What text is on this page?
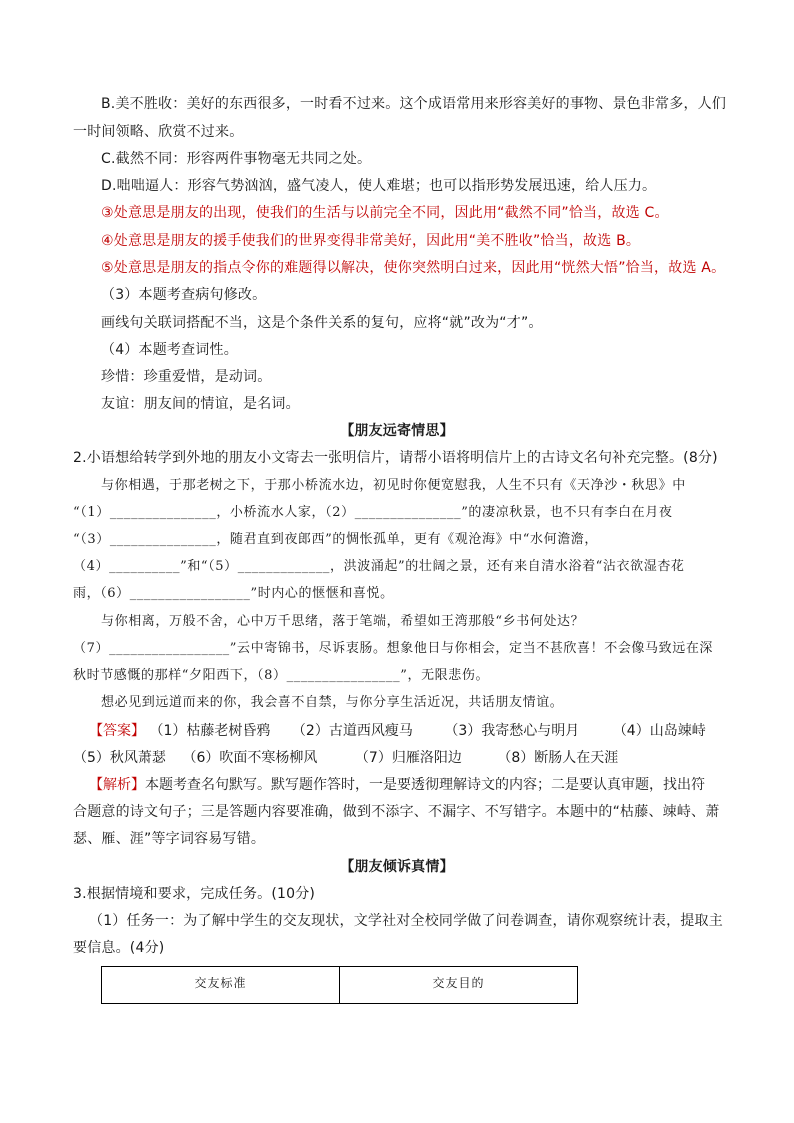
B.美不胜收：美好的东西很多，一时看不过来。这个成语常用来形容美好的事物、景色非常多，人们
一时间领略、欣赏不过来。
C.截然不同：形容两件事物毫无共同之处。
D.咄咄逼人：形容气势汹汹，盛气凌人，使人难堪；也可以指形势发展迅速，给人压力。
③处意思是朋友的出现，使我们的生活与以前完全不同，因此用“截然不同”恰当，故选 C。
④处意思是朋友的援手使我们的世界变得非常美好，因此用“美不胜收”恰当，故选 B。
⑤处意思是朋友的指点令你的难题得以解决，使你突然明白过来，因此用“恍然大悟”恰当，故选 A。
（3）本题考查病句修改。
画线句关联词搭配不当，这是个条件关系的复句，应将“就”改为“才”。
（4）本题考查词性。
珍惜：珍重爱惜，是动词。
友谊：朋友间的情谊，是名词。
【朋友远寄情思】
2.小语想给转学到外地的朋友小文寄去一张明信片，请帮小语将明信片上的古诗文名句补充完整。(8分)
与你相遇，于那老树之下，于那小桥流水边，初见时你便宽慰我，人生不只有《天净沙・秋思》中
“（1）_______________，小桥流水人家，（2）_______________”的凄凉秋景，也不只有李白在月夜
“（3）_______________，随君直到夜郎西”的惆怅孤单，更有《观沧海》中“水何澹澹，
（4）__________”和“（5）_____________，洪波涌起”的壮阔之景，还有来自清水浴着“沾衣欲湿杏花
雨，（6）_________________”时内心的惬惬和喜悦。
与你相离，万般不舍，心中万千思绪，落于笔端，希望如王湾那般“乡书何处达？
（7）_________________”云中寄锦书，尽诉衷肠。想象他日与你相会，定当不甚欣喜！不会像马致远在深
秋时节感慨的那样“夕阳西下，（8）________________”，无限悲伤。
想必见到远道而来的你，我会喜不自禁，与你分享生活近况，共话朋友情谊。
【答案】 （1）枯藤老树昏鸦 （2）古道西风瘦马 （3）我寄愁心与明月 （4）山岛竦峙
（5）秋风萧瑟 （6）吹面不寒杨柳风	（7）归雁洛阳边	（8）断肠人在天涯
【解析】本题考查名句默写。默写题作答时，一是要透彻理解诗文的内容；二是要认真审题，找出符
合题意的诗文句子；三是答题内容要准确，做到不添字、不漏字、不写错字。本题中的“枯藤、竦峙、萧
瑟、雁、涯”等字词容易写错。
【朋友倾诉真情】
3.根据情境和要求，完成任务。(10分)
（1）任务一：为了解中学生的交友现状，文学社对全校同学做了问卷调查，请你观察统计表，提取主
要信息。(4分)
交友标准	交友目的
